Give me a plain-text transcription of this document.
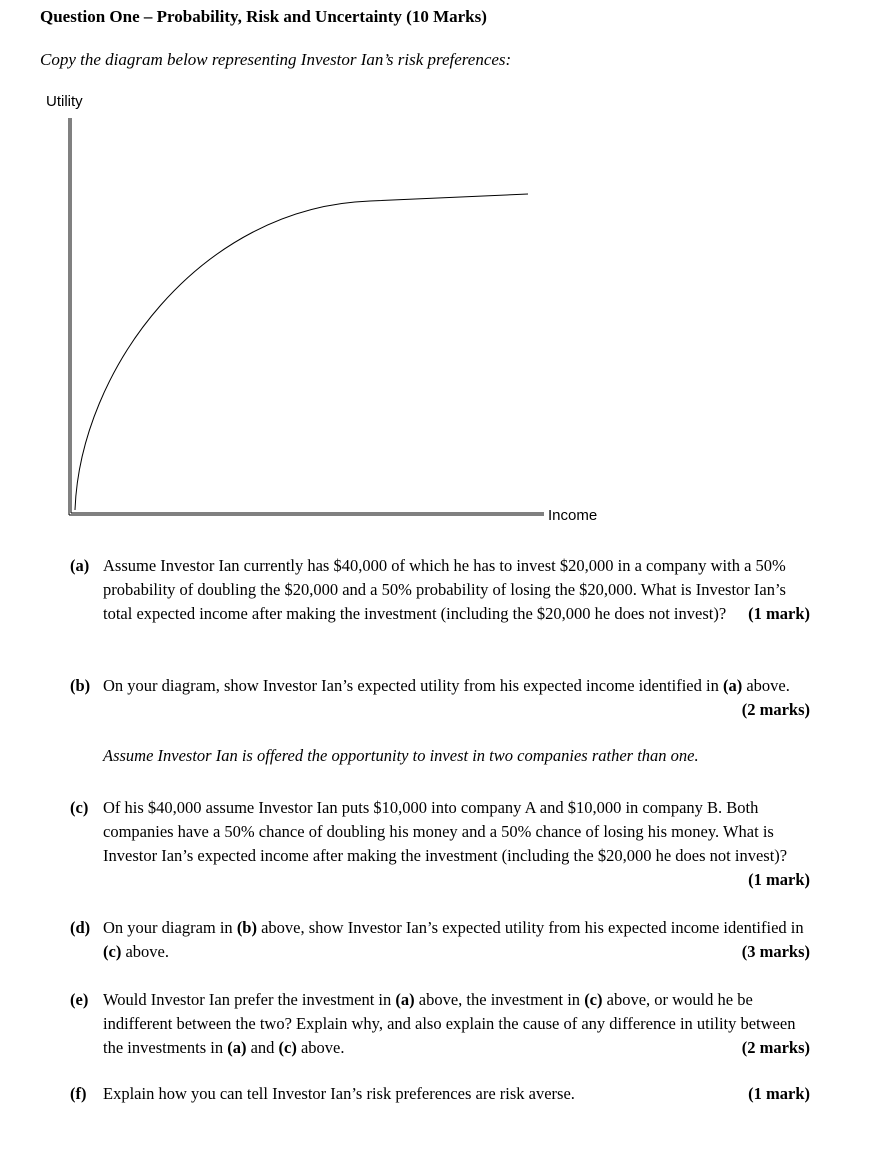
Question One – Probability, Risk and Uncertainty (10 Marks)
Copy the diagram below representing Investor Ian’s risk preferences:
Utility
Income
(a) Assume Investor Ian currently has $40,000 of which he has to invest $20,000 in a company with a 50% probability of doubling the $20,000 and a 50% probability of losing the $20,000. What is Investor Ian’s total expected income after making the investment (including the $20,000 he does not invest)? (1 mark)
(b) On your diagram, show Investor Ian’s expected utility from his expected income identified in (a) above.
(2 marks)
Assume Investor Ian is offered the opportunity to invest in two companies rather than one.
(c) Of his $40,000 assume Investor Ian puts $10,000 into company A and $10,000 in company B. Both companies have a 50% chance of doubling his money and a 50% chance of losing his money. What is Investor Ian’s expected income after making the investment (including the $20,000 he does not invest)?
(1 mark)
(d) On your diagram in (b) above, show Investor Ian’s expected utility from his expected income identified in (c) above.	(3 marks)
(e) Would Investor Ian prefer the investment in (a) above, the investment in (c) above, or would he be indifferent between the two? Explain why, and also explain the cause of any difference in utility between the investments in (a) and (c) above.	(2 marks)
(f) Explain how you can tell Investor Ian’s risk preferences are risk averse.	(1 mark)
